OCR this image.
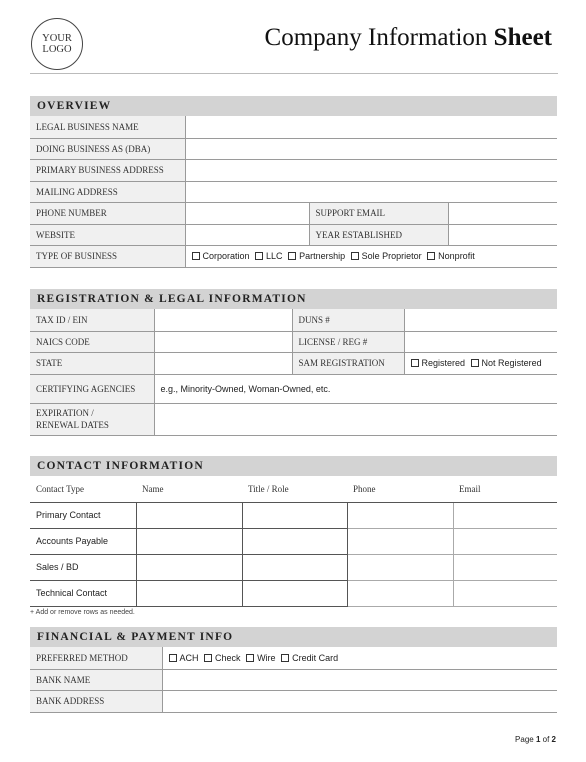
YOUR
LOGO	Company Information Sheet
OVERVIEW
LEGAL BUSINESS NAME			
DOING BUSINESS AS (DBA)			
PRIMARY BUSINESS ADDRESS			
MAILING ADDRESS			
PHONE NUMBER		SUPPORT EMAIL	
WEBSITE		YEAR ESTABLISHED	
TYPE OF BUSINESS	Corporation LLC Partnership Sole Proprietor Nonprofit		
REGISTRATION & LEGAL INFORMATION
TAX ID / EIN		DUNS #	
NAICS CODE		LICENSE / REG #	
STATE		SAM REGISTRATION	Registered Not Registered
CERTIFYING AGENCIES	e.g., Minority-Owned, Woman-Owned, etc.		

EXPIRATION /
RENEWAL DATES			

CONTACT INFORMATION
Contact Type	Name	Title / Role	Phone	Email
Primary Contact				
Accounts Payable				
Sales / BD				
Technical Contact				
+ Add or remove rows as needed.
FINANCIAL & PAYMENT INFO
PREFERRED METHOD	ACH Check Wire Credit Card
BANK NAME	
BANK ADDRESS	
Page 1 of 2
